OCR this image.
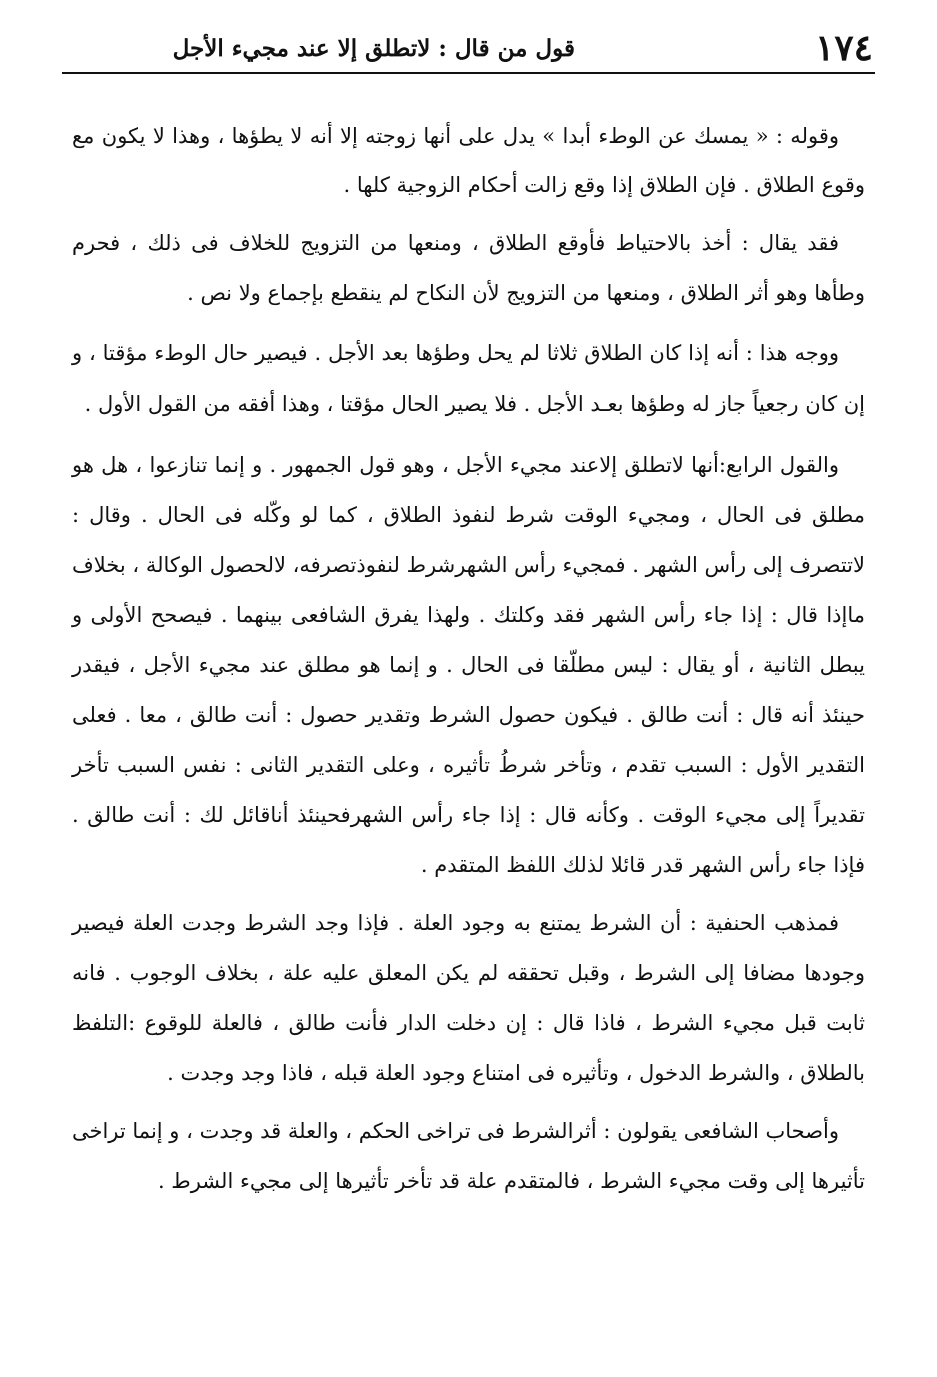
١٧٤
قول من قال : لاتطلق إلا عند مجيء الأجل

وقوله : « يمسك عن الوطء أبدا » يدل على أنها زوجته إلا أنه لا يطؤها ، وهذا لا يكون مع وقوع الطلاق . فإن الطلاق إذا وقع زالت أحكام الزوجية كلها .

فقد يقال : أخذ بالاحتياط فأوقع الطلاق ، ومنعها من التزويج للخلاف فى ذلك ، فحرم وطأها وهو أثر الطلاق ، ومنعها من التزويج لأن النكاح لم ينقطع بإجماع ولا نص .

ووجه هذا : أنه إذا كان الطلاق ثلاثا لم يحل وطؤها بعد الأجل . فيصير حال الوطء مؤقتا ، و إن كان رجعياً جاز له وطؤها بعـد الأجل . فلا يصير الحال مؤقتا ، وهذا أفقه من القول الأول .

والقول الرابع:أنها لاتطلق إلاعند مجيء الأجل ، وهو قول الجمهور . و إنما تنازعوا ، هل هو مطلق فى الحال ، ومجيء الوقت شرط لنفوذ الطلاق ، كما لو وكّله فى الحال . وقال : لاتتصرف إلى رأس الشهر . فمجيء رأس الشهرشرط لنفوذتصرفه، لالحصول الوكالة ، بخلاف ماإذا قال : إذا جاء رأس الشهر فقد وكلتك . ولهذا يفرق الشافعى بينهما . فيصحح الأولى و يبطل الثانية ، أو يقال : ليس مطلّقا فى الحال . و إنما هو مطلق عند مجيء الأجل ، فيقدر حينئذ أنه قال : أنت طالق . فيكون حصول الشرط وتقدير حصول : أنت طالق ، معا . فعلى التقدير الأول : السبب تقدم ، وتأخر شرطُ تأثيره ، وعلى التقدير الثانى : نفس السبب تأخر تقديراً إلى مجيء الوقت . وكأنه قال : إذا جاء رأس الشهرفحينئذ أناقائل لك : أنت طالق . فإذا جاء رأس الشهر قدر قائلا لذلك اللفظ المتقدم .

فمذهب الحنفية : أن الشرط يمتنع به وجود العلة . فإذا وجد الشرط وجدت العلة فيصير وجودها مضافا إلى الشرط ، وقبل تحققه لم يكن المعلق عليه علة ، بخلاف الوجوب . فانه ثابت قبل مجيء الشرط ، فاذا قال : إن دخلت الدار فأنت طالق ، فالعلة للوقوع :التلفظ بالطلاق ، والشرط الدخول ، وتأثيره فى امتناع وجود العلة قبله ، فاذا وجد وجدت .

وأصحاب الشافعى يقولون : أثرالشرط فى تراخى الحكم ، والعلة قد وجدت ، و إنما تراخى تأثيرها إلى وقت مجيء الشرط ، فالمتقدم علة قد تأخر تأثيرها إلى مجيء الشرط .
